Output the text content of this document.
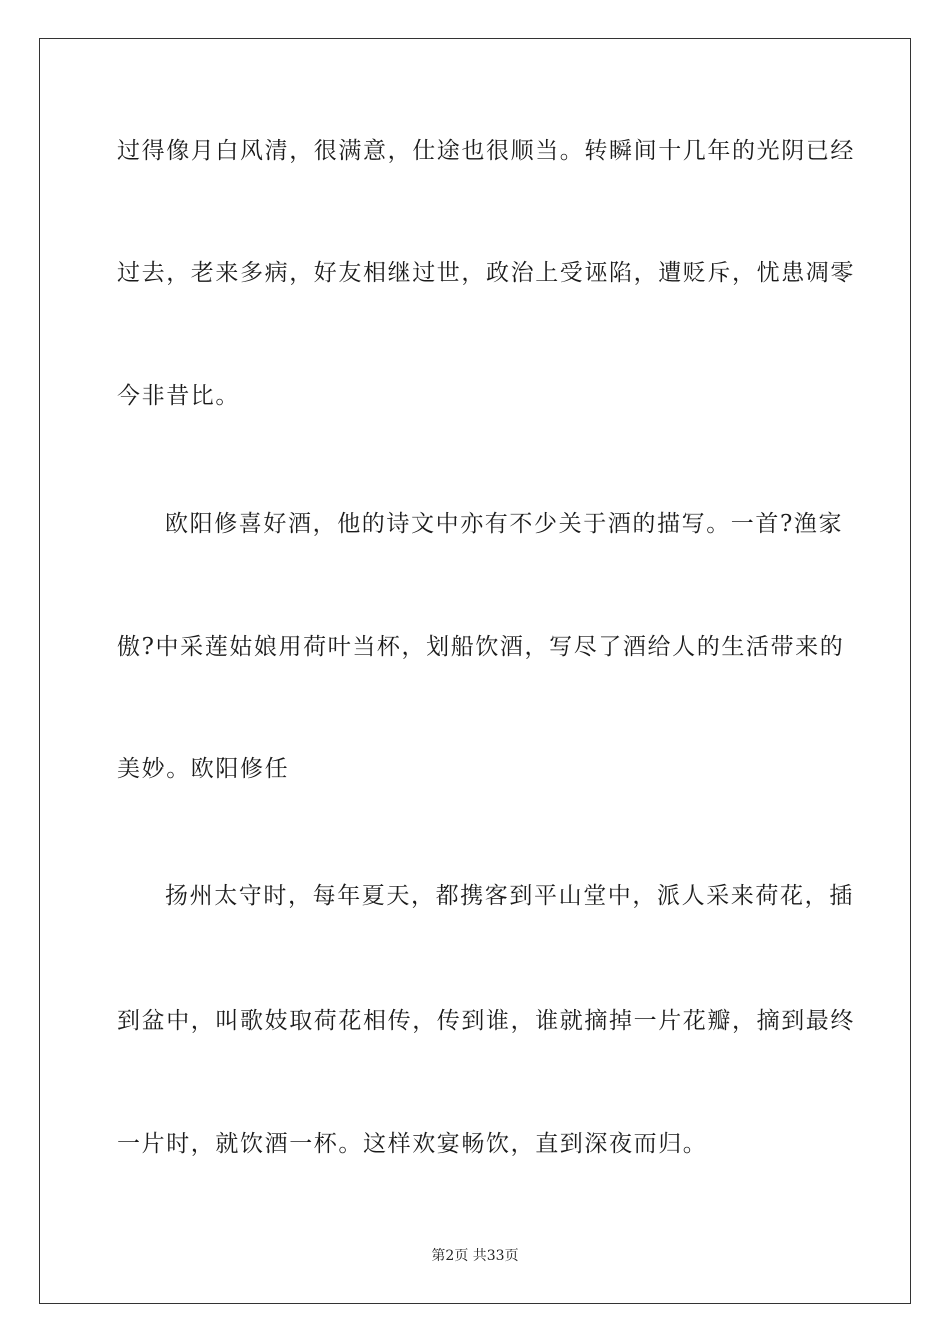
过得像月白风清，很满意，仕途也很顺当。转瞬间十几年的光阴已经
过去，老来多病，好友相继过世，政治上受诬陷，遭贬斥，忧患凋零
今非昔比。
欧阳修喜好酒，他的诗文中亦有不少关于酒的描写。一首?渔家
傲?中采莲姑娘用荷叶当杯，划船饮酒，写尽了酒给人的生活带来的
美妙。欧阳修任
扬州太守时，每年夏天，都携客到平山堂中，派人采来荷花，插
到盆中，叫歌妓取荷花相传，传到谁，谁就摘掉一片花瓣，摘到最终
一片时，就饮酒一杯。这样欢宴畅饮，直到深夜而归。
第2页 共33页
